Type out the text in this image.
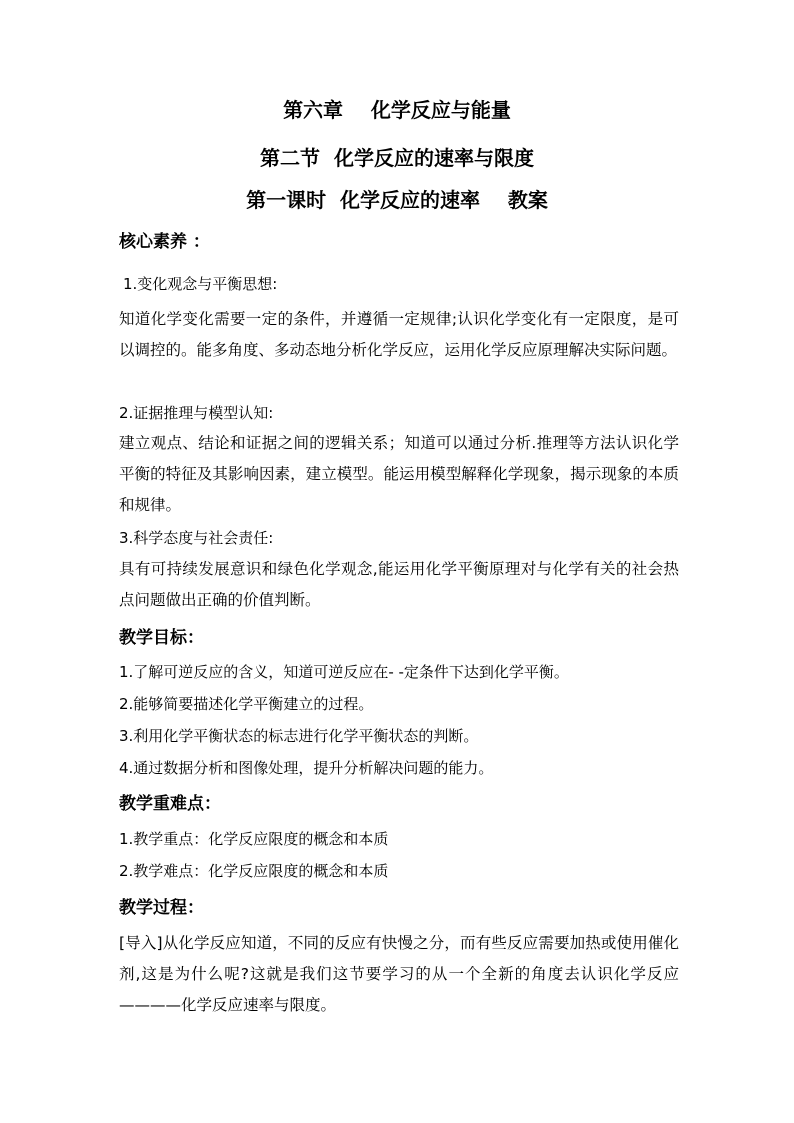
第六章    化学反应与能量
第二节  化学反应的速率与限度
第一课时  化学反应的速率    教案
核心素养 ：
1.变化观念与平衡思想:
知道化学变化需要一定的条件，并遵循一定规律;认识化学变化有一定限度，是可以调控的。能多角度、多动态地分析化学反应，运用化学反应原理解决实际问题。
2.证据推理与模型认知:
建立观点、结论和证据之间的逻辑关系；知道可以通过分析.推理等方法认识化学平衡的特征及其影响因素，建立模型。能运用模型解释化学现象，揭示现象的本质和规律。
3.科学态度与社会责任:
具有可持续发展意识和绿色化学观念,能运用化学平衡原理对与化学有关的社会热点问题做出正确的价值判断。
教学目标：
1.了解可逆反应的含义，知道可逆反应在- -定条件下达到化学平衡。
2.能够简要描述化学平衡建立的过程。
3.利用化学平衡状态的标志进行化学平衡状态的判断。
4.通过数据分析和图像处理，提升分析解决问题的能力。
教学重难点：
1.教学重点：化学反应限度的概念和本质
2.教学难点：化学反应限度的概念和本质
教学过程：
[导入]从化学反应知道，不同的反应有快慢之分，而有些反应需要加热或使用催化剂,这是为什么呢?这就是我们这节要学习的从一个全新的角度去认识化学反应————化学反应速率与限度。
